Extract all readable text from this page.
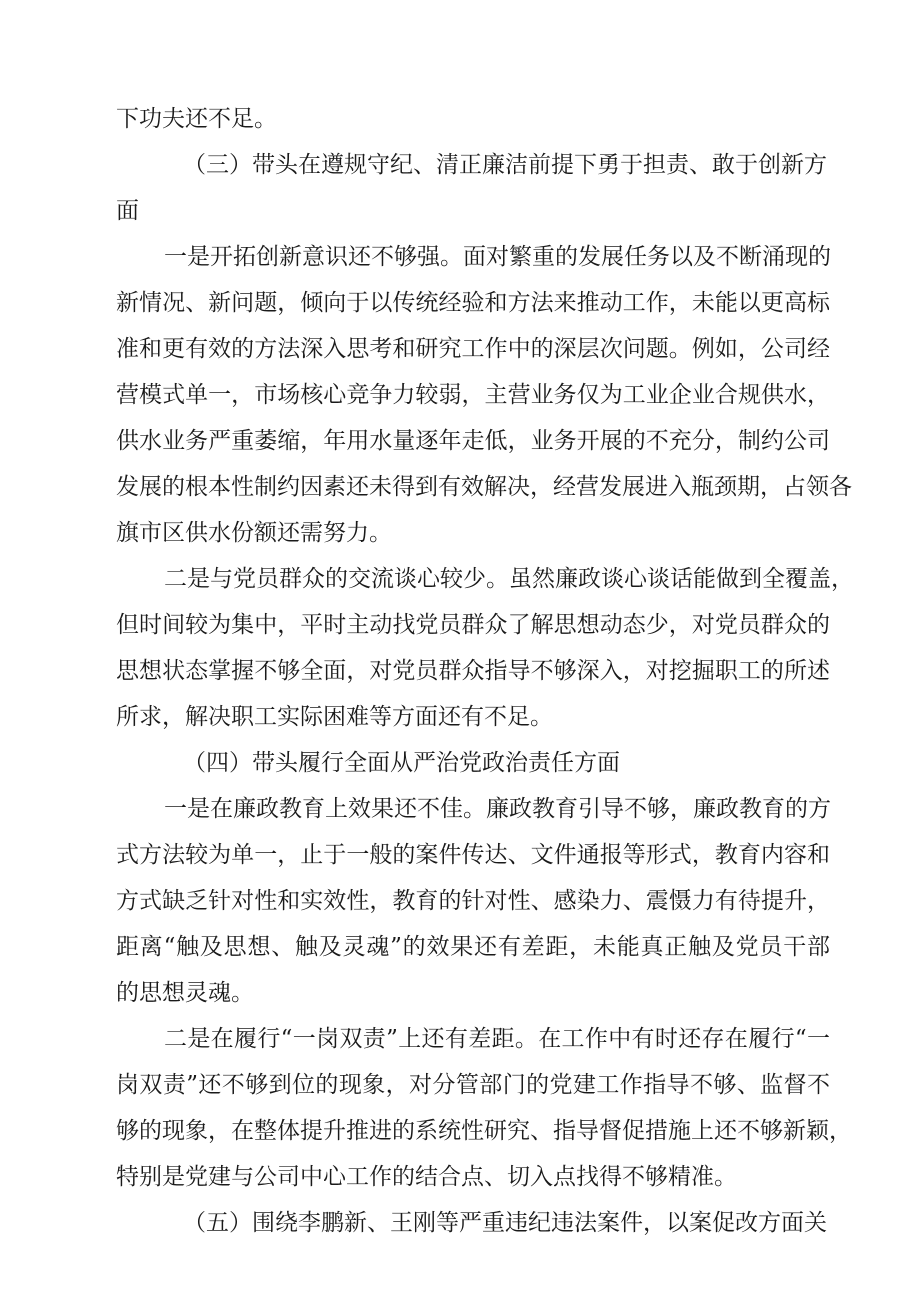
下功夫还不足。
（三）带头在遵规守纪、清正廉洁前提下勇于担责、敢于创新方
面
一是开拓创新意识还不够强。面对繁重的发展任务以及不断涌现的
新情况、新问题，倾向于以传统经验和方法来推动工作，未能以更高标
准和更有效的方法深入思考和研究工作中的深层次问题。例如，公司经
营模式单一，市场核心竞争力较弱，主营业务仅为工业企业合规供水，
供水业务严重萎缩，年用水量逐年走低，业务开展的不充分，制约公司
发展的根本性制约因素还未得到有效解决，经营发展进入瓶颈期，占领各
旗市区供水份额还需努力。
二是与党员群众的交流谈心较少。虽然廉政谈心谈话能做到全覆盖，
但时间较为集中，平时主动找党员群众了解思想动态少，对党员群众的
思想状态掌握不够全面，对党员群众指导不够深入，对挖掘职工的所述
所求，解决职工实际困难等方面还有不足。
（四）带头履行全面从严治党政治责任方面
一是在廉政教育上效果还不佳。廉政教育引导不够，廉政教育的方
式方法较为单一，止于一般的案件传达、文件通报等形式，教育内容和
方式缺乏针对性和实效性，教育的针对性、感染力、震慑力有待提升，
距离“触及思想、触及灵魂”的效果还有差距，未能真正触及党员干部
的思想灵魂。
二是在履行“一岗双责”上还有差距。在工作中有时还存在履行“一
岗双责”还不够到位的现象，对分管部门的党建工作指导不够、监督不
够的现象，在整体提升推进的系统性研究、指导督促措施上还不够新颖，
特别是党建与公司中心工作的结合点、切入点找得不够精准。
（五）围绕李鹏新、王刚等严重违纪违法案件，以案促改方面关
